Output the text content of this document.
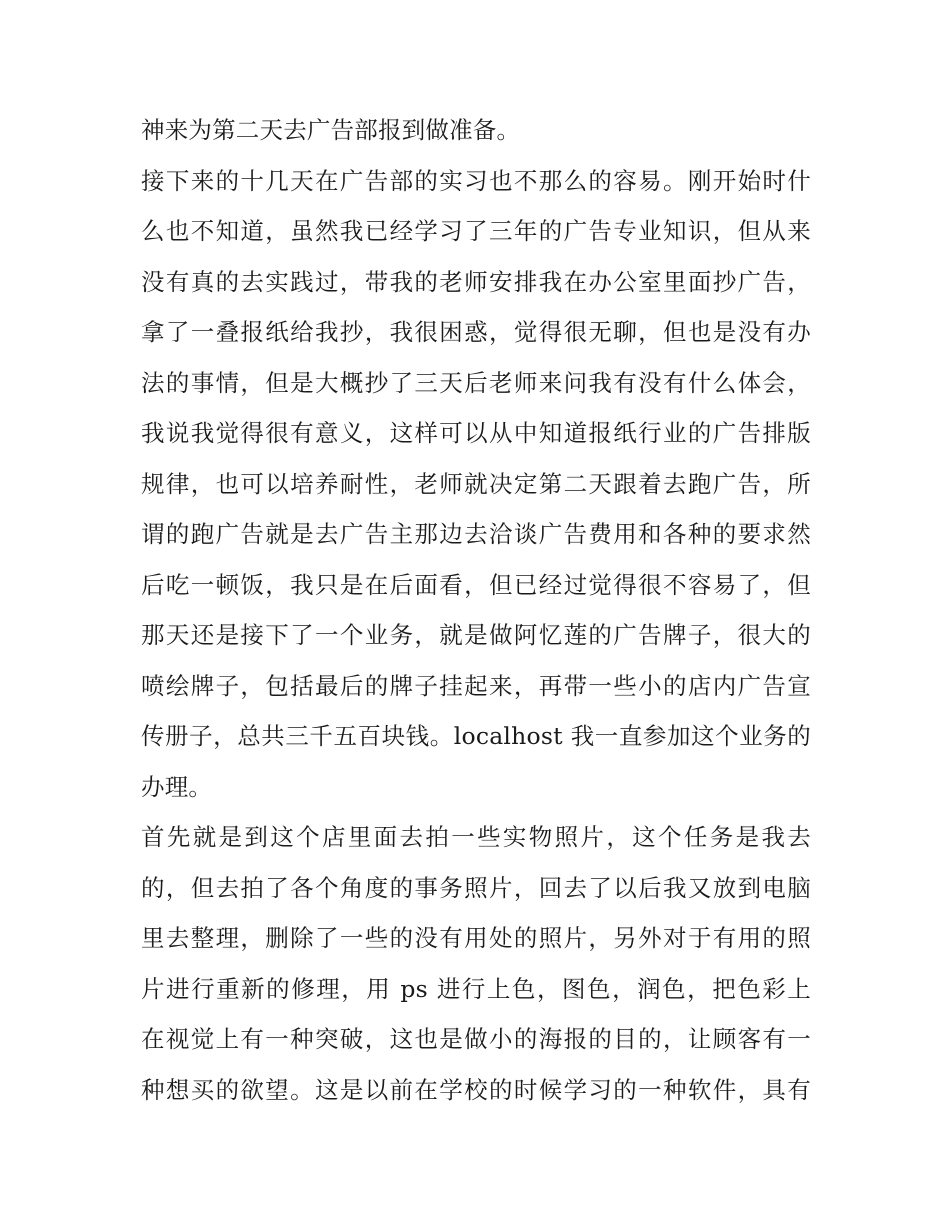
神来为第二天去广告部报到做准备。
接下来的十几天在广告部的实习也不那么的容易。刚开始时什
么也不知道，虽然我已经学习了三年的广告专业知识，但从来
没有真的去实践过，带我的老师安排我在办公室里面抄广告，
拿了一叠报纸给我抄，我很困惑，觉得很无聊，但也是没有办
法的事情，但是大概抄了三天后老师来问我有没有什么体会，
我说我觉得很有意义，这样可以从中知道报纸行业的广告排版
规律，也可以培养耐性，老师就决定第二天跟着去跑广告，所
谓的跑广告就是去广告主那边去洽谈广告费用和各种的要求然
后吃一顿饭，我只是在后面看，但已经过觉得很不容易了，但
那天还是接下了一个业务，就是做阿忆莲的广告牌子，很大的
喷绘牌子，包括最后的牌子挂起来，再带一些小的店内广告宣
传册子，总共三千五百块钱。localhost 我一直参加这个业务的
办理。
首先就是到这个店里面去拍一些实物照片，这个任务是我去
的，但去拍了各个角度的事务照片，回去了以后我又放到电脑
里去整理，删除了一些的没有用处的照片，另外对于有用的照
片进行重新的修理，用 ps 进行上色，图色，润色，把色彩上
在视觉上有一种突破，这也是做小的海报的目的，让顾客有一
种想买的欲望。这是以前在学校的时候学习的一种软件，具有
